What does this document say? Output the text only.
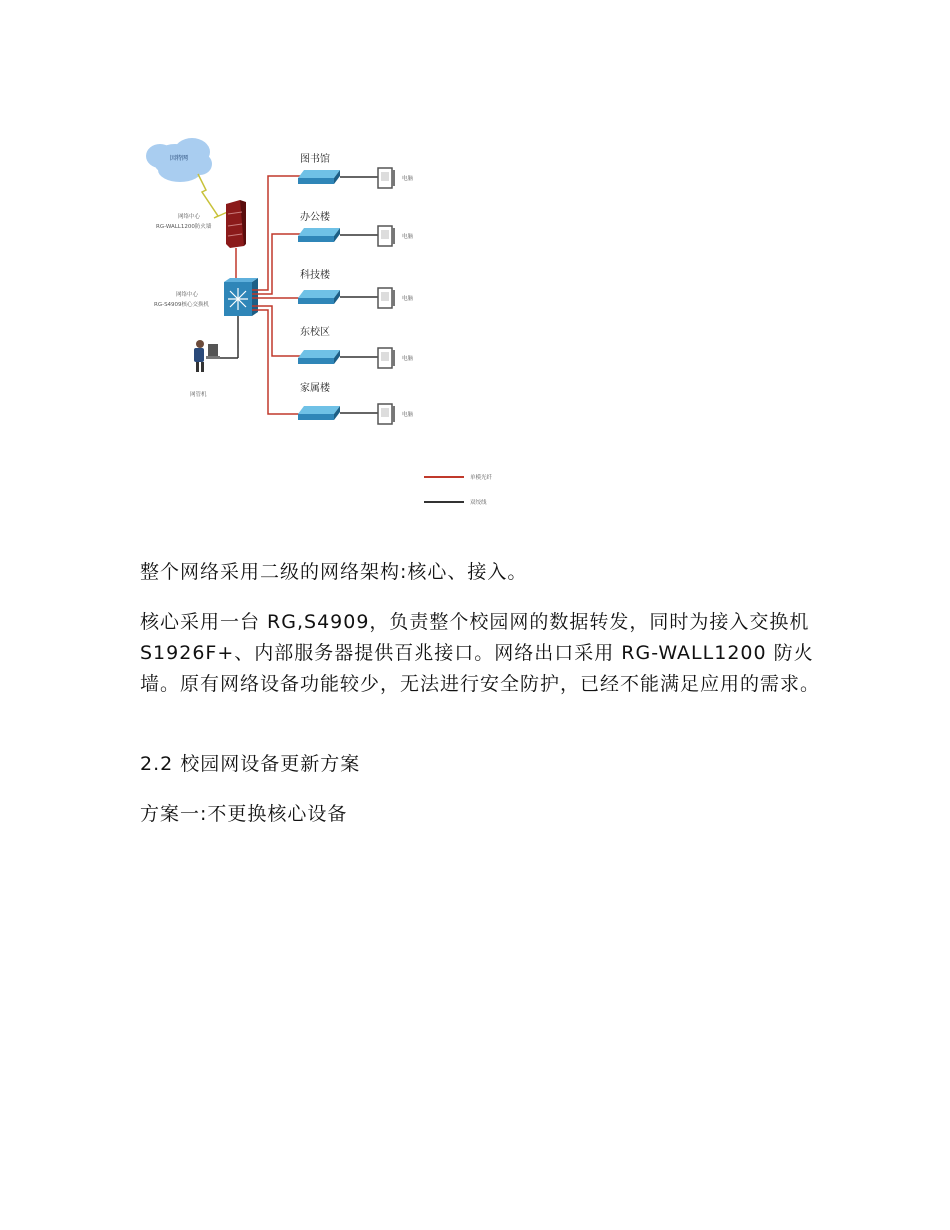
因特网
网络中心
RG-WALL1200防火墙
网络中心
RG-S4909核心交换机
网管机
图书馆
电脑
办公楼
电脑
科技楼
电脑
东校区
电脑
家属楼
电脑
单模光纤
双绞线

整个网络采用二级的网络架构:核心、接入。

核心采用一台 RG,S4909，负责整个校园网的数据转发，同时为接入交换机 S1926F+、内部服务器提供百兆接口。网络出口采用 RG-WALL1200 防火墙。原有网络设备功能较少，无法进行安全防护，已经不能满足应用的需求。

2.2 校园网设备更新方案

方案一:不更换核心设备
